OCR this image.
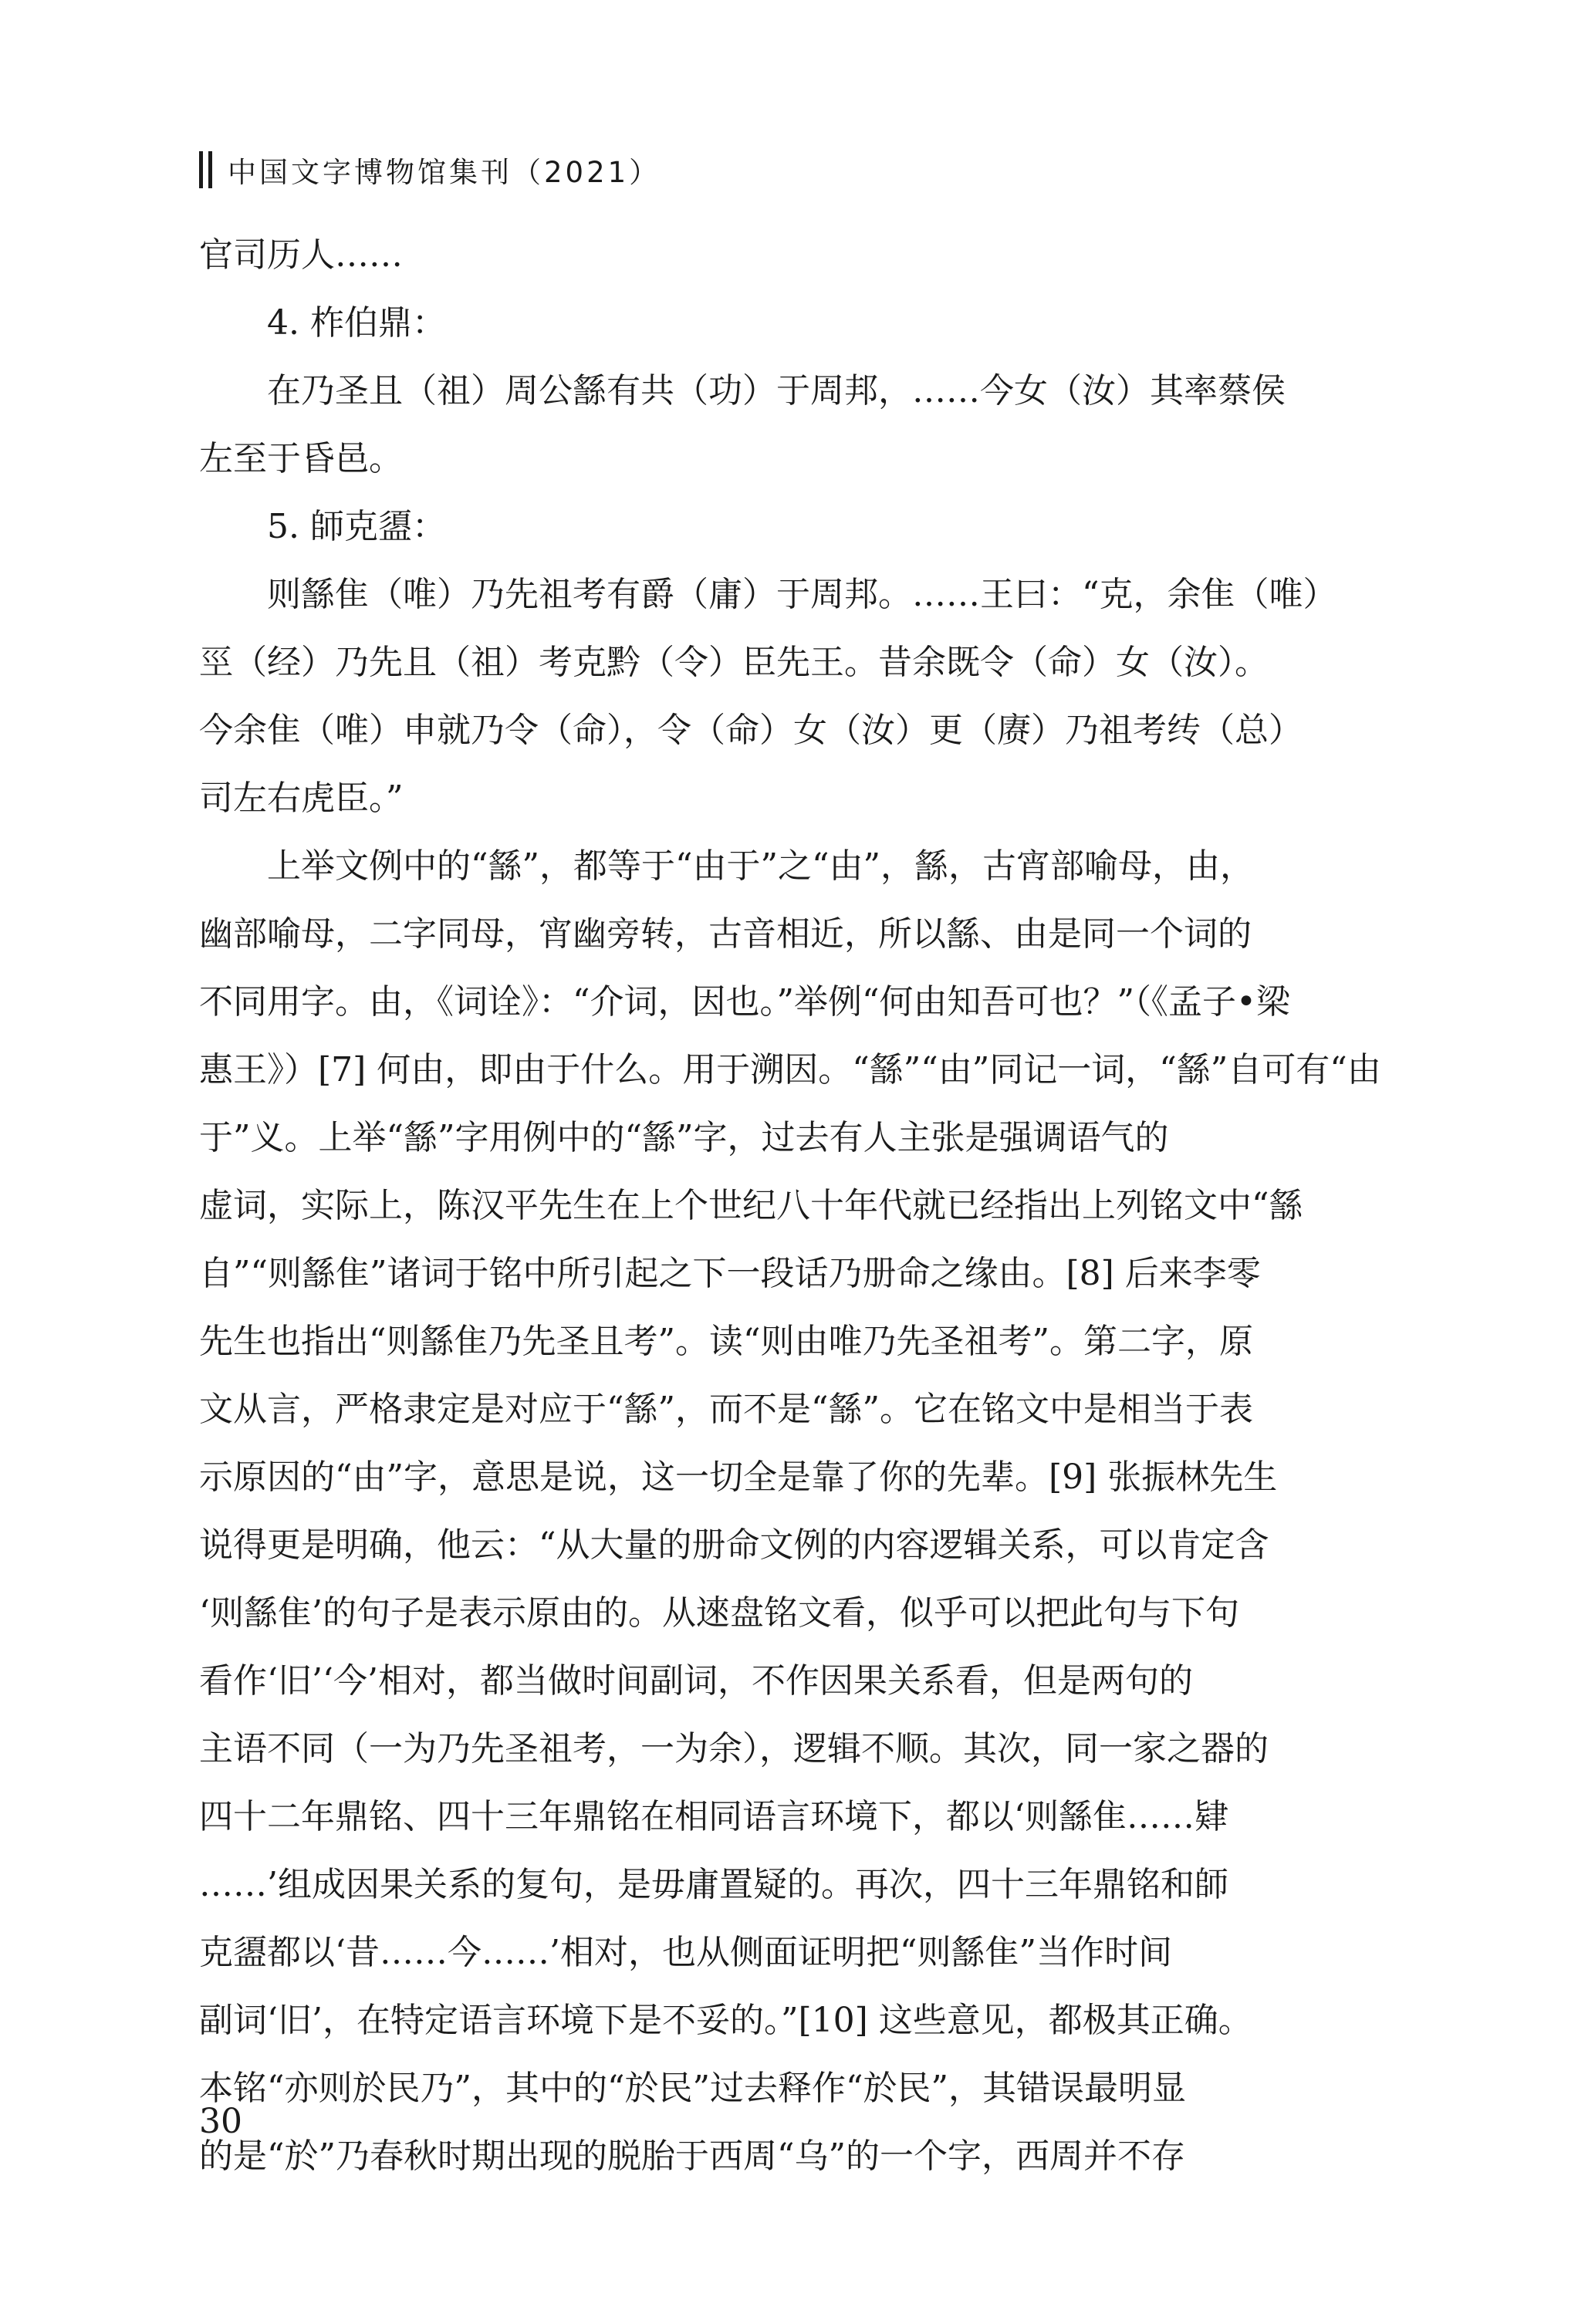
中国文字博物馆集刊（2021）
官司历人……
4. 柞伯鼎：
在乃圣且（祖）周公䌛有共（功）于周邦，……今女（汝）其率蔡侯
左至于昏邑。
5. 師克盨：
则䌛隹（唯）乃先祖考有爵（庸）于周邦。……王曰：“克，余隹（唯）
巠（经）乃先且（祖）考克黔（令）臣先王。昔余既令（命）女（汝）。
今余隹（唯）申就乃令（命），令（命）女（汝）更（赓）乃祖考䌸（总）
司左右虎臣。”
上举文例中的“䌛”，都等于“由于”之“由”，䌛，古宵部喻母，由，
幽部喻母，二字同母，宵幽旁转，古音相近，所以䌛、由是同一个词的
不同用字。由，《词诠》：“介词，因也。”举例“何由知吾可也？”（《孟子•梁
惠王》）[7] 何由，即由于什么。用于溯因。“䌛”“由”同记一词，“䌛”自可有“由
于”义。上举“䌛”字用例中的“䌛”字，过去有人主张是强调语气的
虚词，实际上，陈汉平先生在上个世纪八十年代就已经指出上列铭文中“䌛
自”“则䌛隹”诸词于铭中所引起之下一段话乃册命之缘由。[8] 后来李零
先生也指出“则䌛隹乃先圣且考”。读“则由唯乃先圣祖考”。第二字，原
文从言，严格隶定是对应于“䌛”，而不是“䌛”。它在铭文中是相当于表
示原因的“由”字，意思是说，这一切全是靠了你的先辈。[9] 张振林先生
说得更是明确，他云：“从大量的册命文例的内容逻辑关系，可以肯定含
‘则䌛隹’的句子是表示原由的。从逨盘铭文看，似乎可以把此句与下句
看作‘旧’‘今’相对，都当做时间副词，不作因果关系看，但是两句的
主语不同（一为乃先圣祖考，一为余），逻辑不顺。其次，同一家之器的
四十二年鼎铭、四十三年鼎铭在相同语言环境下，都以‘则䌛隹……肄
……’组成因果关系的复句，是毋庸置疑的。再次，四十三年鼎铭和師
克盨都以‘昔……今……’相对，也从侧面证明把“则䌛隹”当作时间
副词‘旧’，在特定语言环境下是不妥的。”[10] 这些意见，都极其正确。
本铭“亦则於民乃”，其中的“於民”过去释作“於民”，其错误最明显
的是“於”乃春秋时期出现的脱胎于西周“乌”的一个字，西周并不存
30
